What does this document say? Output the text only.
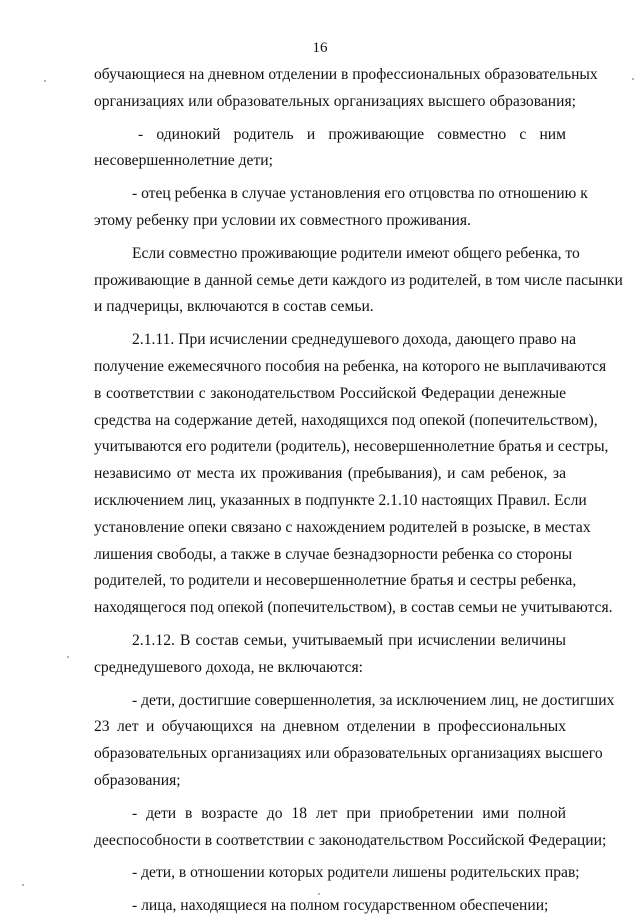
16
обучающиеся на дневном отделении в профессиональных образовательных
организациях или образовательных организациях высшего образования;
- одинокий родитель и проживающие совместно с ним
несовершеннолетние дети;
- отец ребенка в случае установления его отцовства по отношению к
этому ребенку при условии их совместного проживания.
Если совместно проживающие родители имеют общего ребенка, то
проживающие в данной семье дети каждого из родителей, в том числе пасынки
и падчерицы, включаются в состав семьи.
2.1.11. При исчислении среднедушевого дохода, дающего право на
получение ежемесячного пособия на ребенка, на которого не выплачиваются
в соответствии с законодательством Российской Федерации денежные
средства на содержание детей, находящихся под опекой (попечительством),
учитываются его родители (родитель), несовершеннолетние братья и сестры,
независимо от места их проживания (пребывания), и сам ребенок, за
исключением лиц, указанных в подпункте 2.1.10 настоящих Правил. Если
установление опеки связано с нахождением родителей в розыске, в местах
лишения свободы, а также в случае безнадзорности ребенка со стороны
родителей, то родители и несовершеннолетние братья и сестры ребенка,
находящегося под опекой (попечительством), в состав семьи не учитываются.
2.1.12. В состав семьи, учитываемый при исчислении величины
среднедушевого дохода, не включаются:
- дети, достигшие совершеннолетия, за исключением лиц, не достигших
23 лет и обучающихся на дневном отделении в профессиональных
образовательных организациях или образовательных организациях высшего
образования;
- дети в возрасте до 18 лет при приобретении ими полной
дееспособности в соответствии с законодательством Российской Федерации;
- дети, в отношении которых родители лишены родительских прав;
- лица, находящиеся на полном государственном обеспечении;
